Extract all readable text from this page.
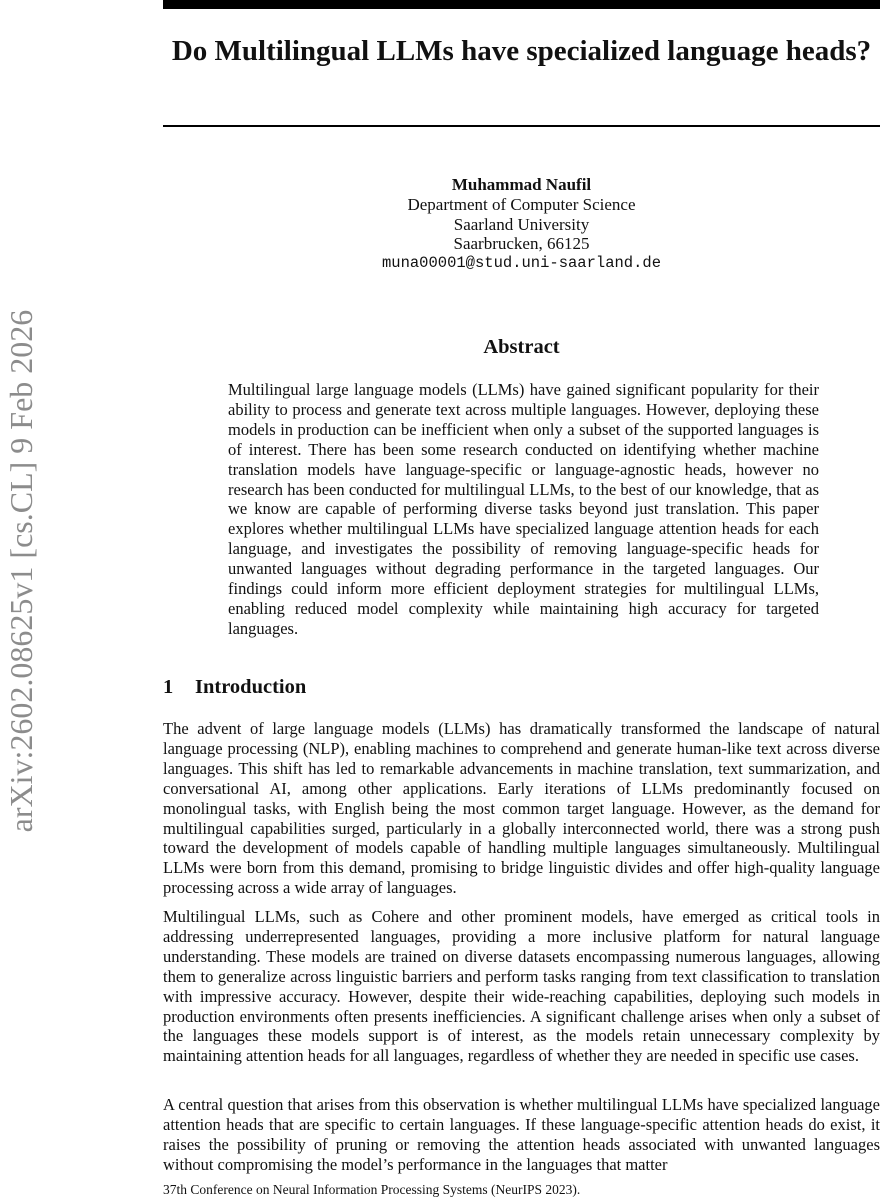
arXiv:2602.08625v1 [cs.CL] 9 Feb 2026
Do Multilingual LLMs have specialized language heads?
Muhammad Naufil
Department of Computer Science
Saarland University
Saarbrucken, 66125
muna00001@stud.uni-saarland.de
Abstract

Multilingual large language models (LLMs) have gained significant popularity for their ability to process and generate text across multiple languages. However, deploying these models in production can be inefficient when only a subset of the supported languages is of interest. There has been some research conducted on identifying whether machine translation models have language-specific or language-agnostic heads, however no research has been conducted for multilingual LLMs, to the best of our knowledge, that as we know are capable of performing diverse tasks beyond just translation. This paper explores whether multilingual LLMs have specialized language attention heads for each language, and investigates the possibility of removing language-specific heads for unwanted languages without degrading performance in the targeted languages. Our findings could inform more efficient deployment strategies for multilingual LLMs, enabling reduced model complexity while maintaining high accuracy for targeted languages.

1 Introduction

The advent of large language models (LLMs) has dramatically transformed the landscape of natural language processing (NLP), enabling machines to comprehend and generate human-like text across diverse languages. This shift has led to remarkable advancements in machine translation, text summarization, and conversational AI, among other applications. Early iterations of LLMs predominantly focused on monolingual tasks, with English being the most common target language. However, as the demand for multilingual capabilities surged, particularly in a globally interconnected world, there was a strong push toward the development of models capable of handling multiple languages simultaneously. Multilingual LLMs were born from this demand, promising to bridge linguistic divides and offer high-quality language processing across a wide array of languages.

Multilingual LLMs, such as Cohere and other prominent models, have emerged as critical tools in addressing underrepresented languages, providing a more inclusive platform for natural language understanding. These models are trained on diverse datasets encompassing numerous languages, allowing them to generalize across linguistic barriers and perform tasks ranging from text classification to translation with impressive accuracy. However, despite their wide-reaching capabilities, deploying such models in production environments often presents inefficiencies. A significant challenge arises when only a subset of the languages these models support is of interest, as the models retain unnecessary complexity by maintaining attention heads for all languages, regardless of whether they are needed in specific use cases.

A central question that arises from this observation is whether multilingual LLMs have specialized language attention heads that are specific to certain languages. If these language-specific attention heads do exist, it raises the possibility of pruning or removing the attention heads associated with unwanted languages without compromising the model’s performance in the languages that matter

37th Conference on Neural Information Processing Systems (NeurIPS 2023).
